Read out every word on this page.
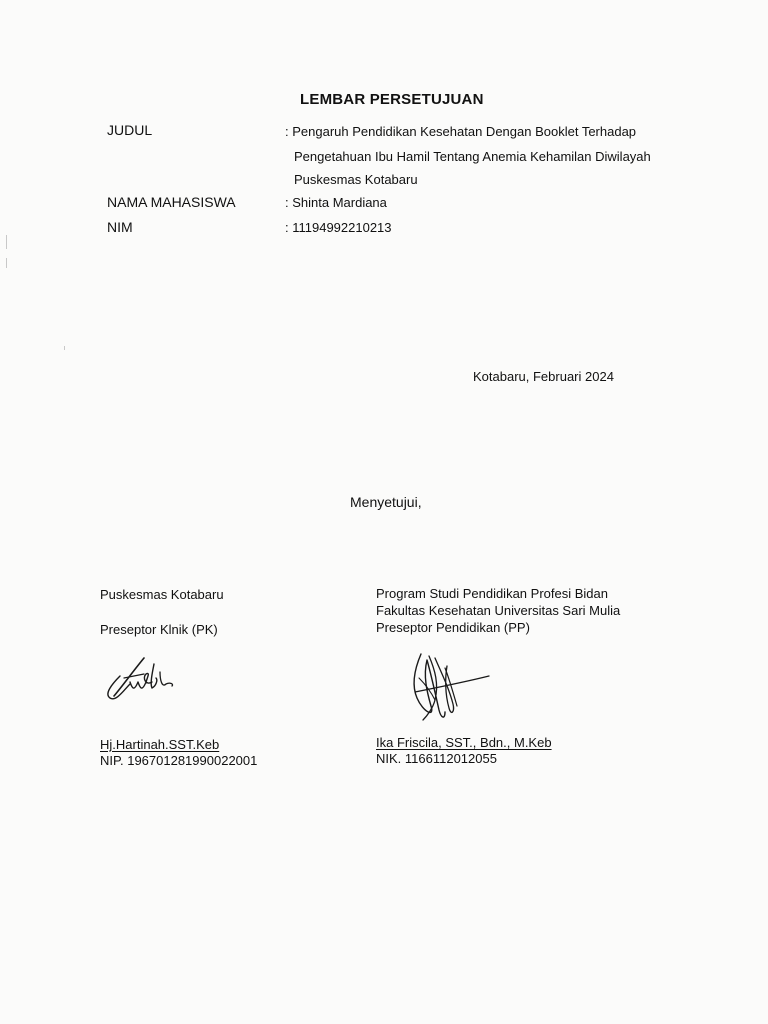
LEMBAR PERSETUJUAN
JUDUL	: Pengaruh Pendidikan Kesehatan Dengan Booklet Terhadap
Pengetahuan Ibu Hamil Tentang Anemia Kehamilan Diwilayah
Puskesmas Kotabaru
NAMA MAHASISWA	: Shinta Mardiana
NIM	: 11194992210213
Kotabaru, Februari 2024
Menyetujui,
Puskesmas Kotabaru
Preseptor Klnik (PK)
Hj.Hartinah.SST.Keb
NIP. 196701281990022001
Program Studi Pendidikan Profesi Bidan
Fakultas Kesehatan Universitas Sari Mulia
Preseptor Pendidikan (PP)
Ika Friscila, SST., Bdn., M.Keb
NIK. 1166112012055
